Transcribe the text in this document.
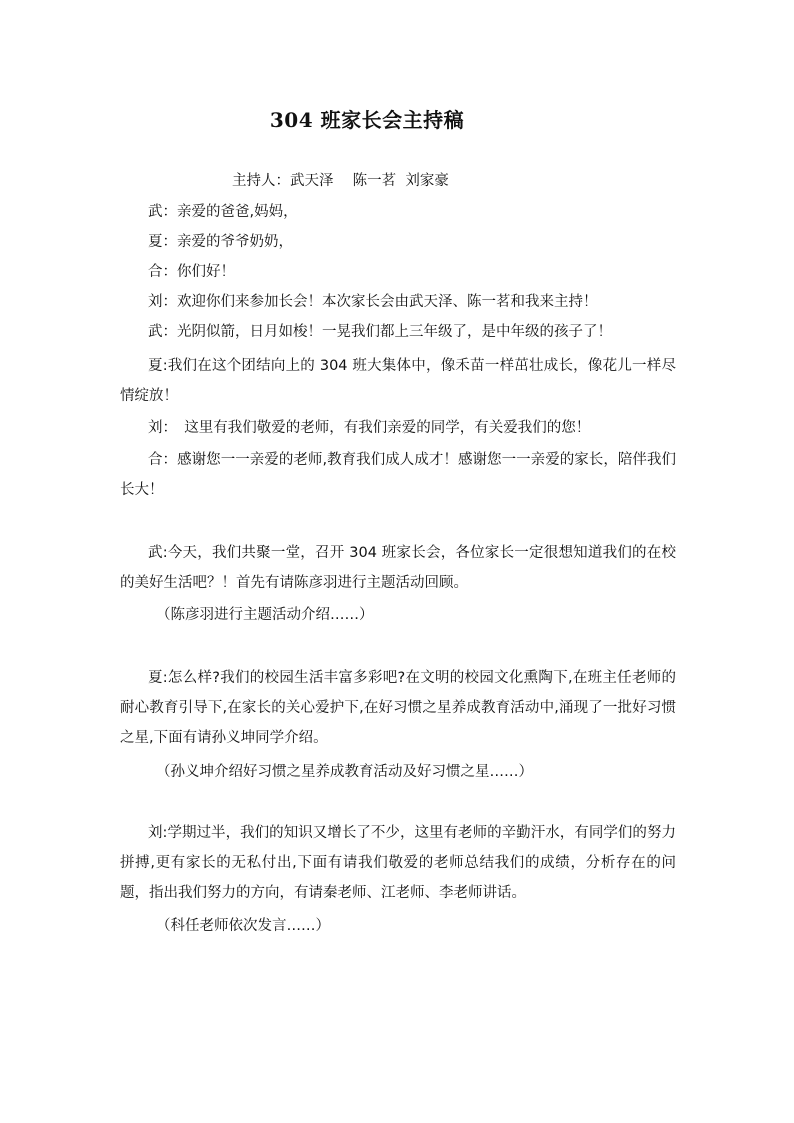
304 班家长会主持稿
主持人：武天泽　 陈一茗  刘家豪
武：亲爱的爸爸,妈妈，
夏：亲爱的爷爷奶奶，
合：你们好！
刘：欢迎你们来参加长会！本次家长会由武天泽、陈一茗和我来主持！
武：光阴似箭，日月如梭！一晃我们都上三年级了，是中年级的孩子了！
夏:我们在这个团结向上的 304 班大集体中，像禾苗一样茁壮成长，像花儿一样尽情绽放！
刘：　这里有我们敬爱的老师，有我们亲爱的同学，有关爱我们的您！
合：感谢您一一亲爱的老师,教育我们成人成才！感谢您一一亲爱的家长，陪伴我们长大！
武:今天，我们共聚一堂，召开 304 班家长会，各位家长一定很想知道我们的在校的美好生活吧？！首先有请陈彦羽进行主题活动回顾。
（陈彦羽进行主题活动介绍……）
夏:怎么样?我们的校园生活丰富多彩吧?在文明的校园文化熏陶下,在班主任老师的耐心教育引导下,在家长的关心爱护下,在好习惯之星养成教育活动中,涌现了一批好习惯之星,下面有请孙义坤同学介绍。
（孙义坤介绍好习惯之星养成教育活动及好习惯之星……）
刘:学期过半，我们的知识又增长了不少，这里有老师的辛勤汗水，有同学们的努力拼搏,更有家长的无私付出,下面有请我们敬爱的老师总结我们的成绩，分析存在的问题，指出我们努力的方向，有请秦老师、江老师、李老师讲话。
（科任老师依次发言……）
